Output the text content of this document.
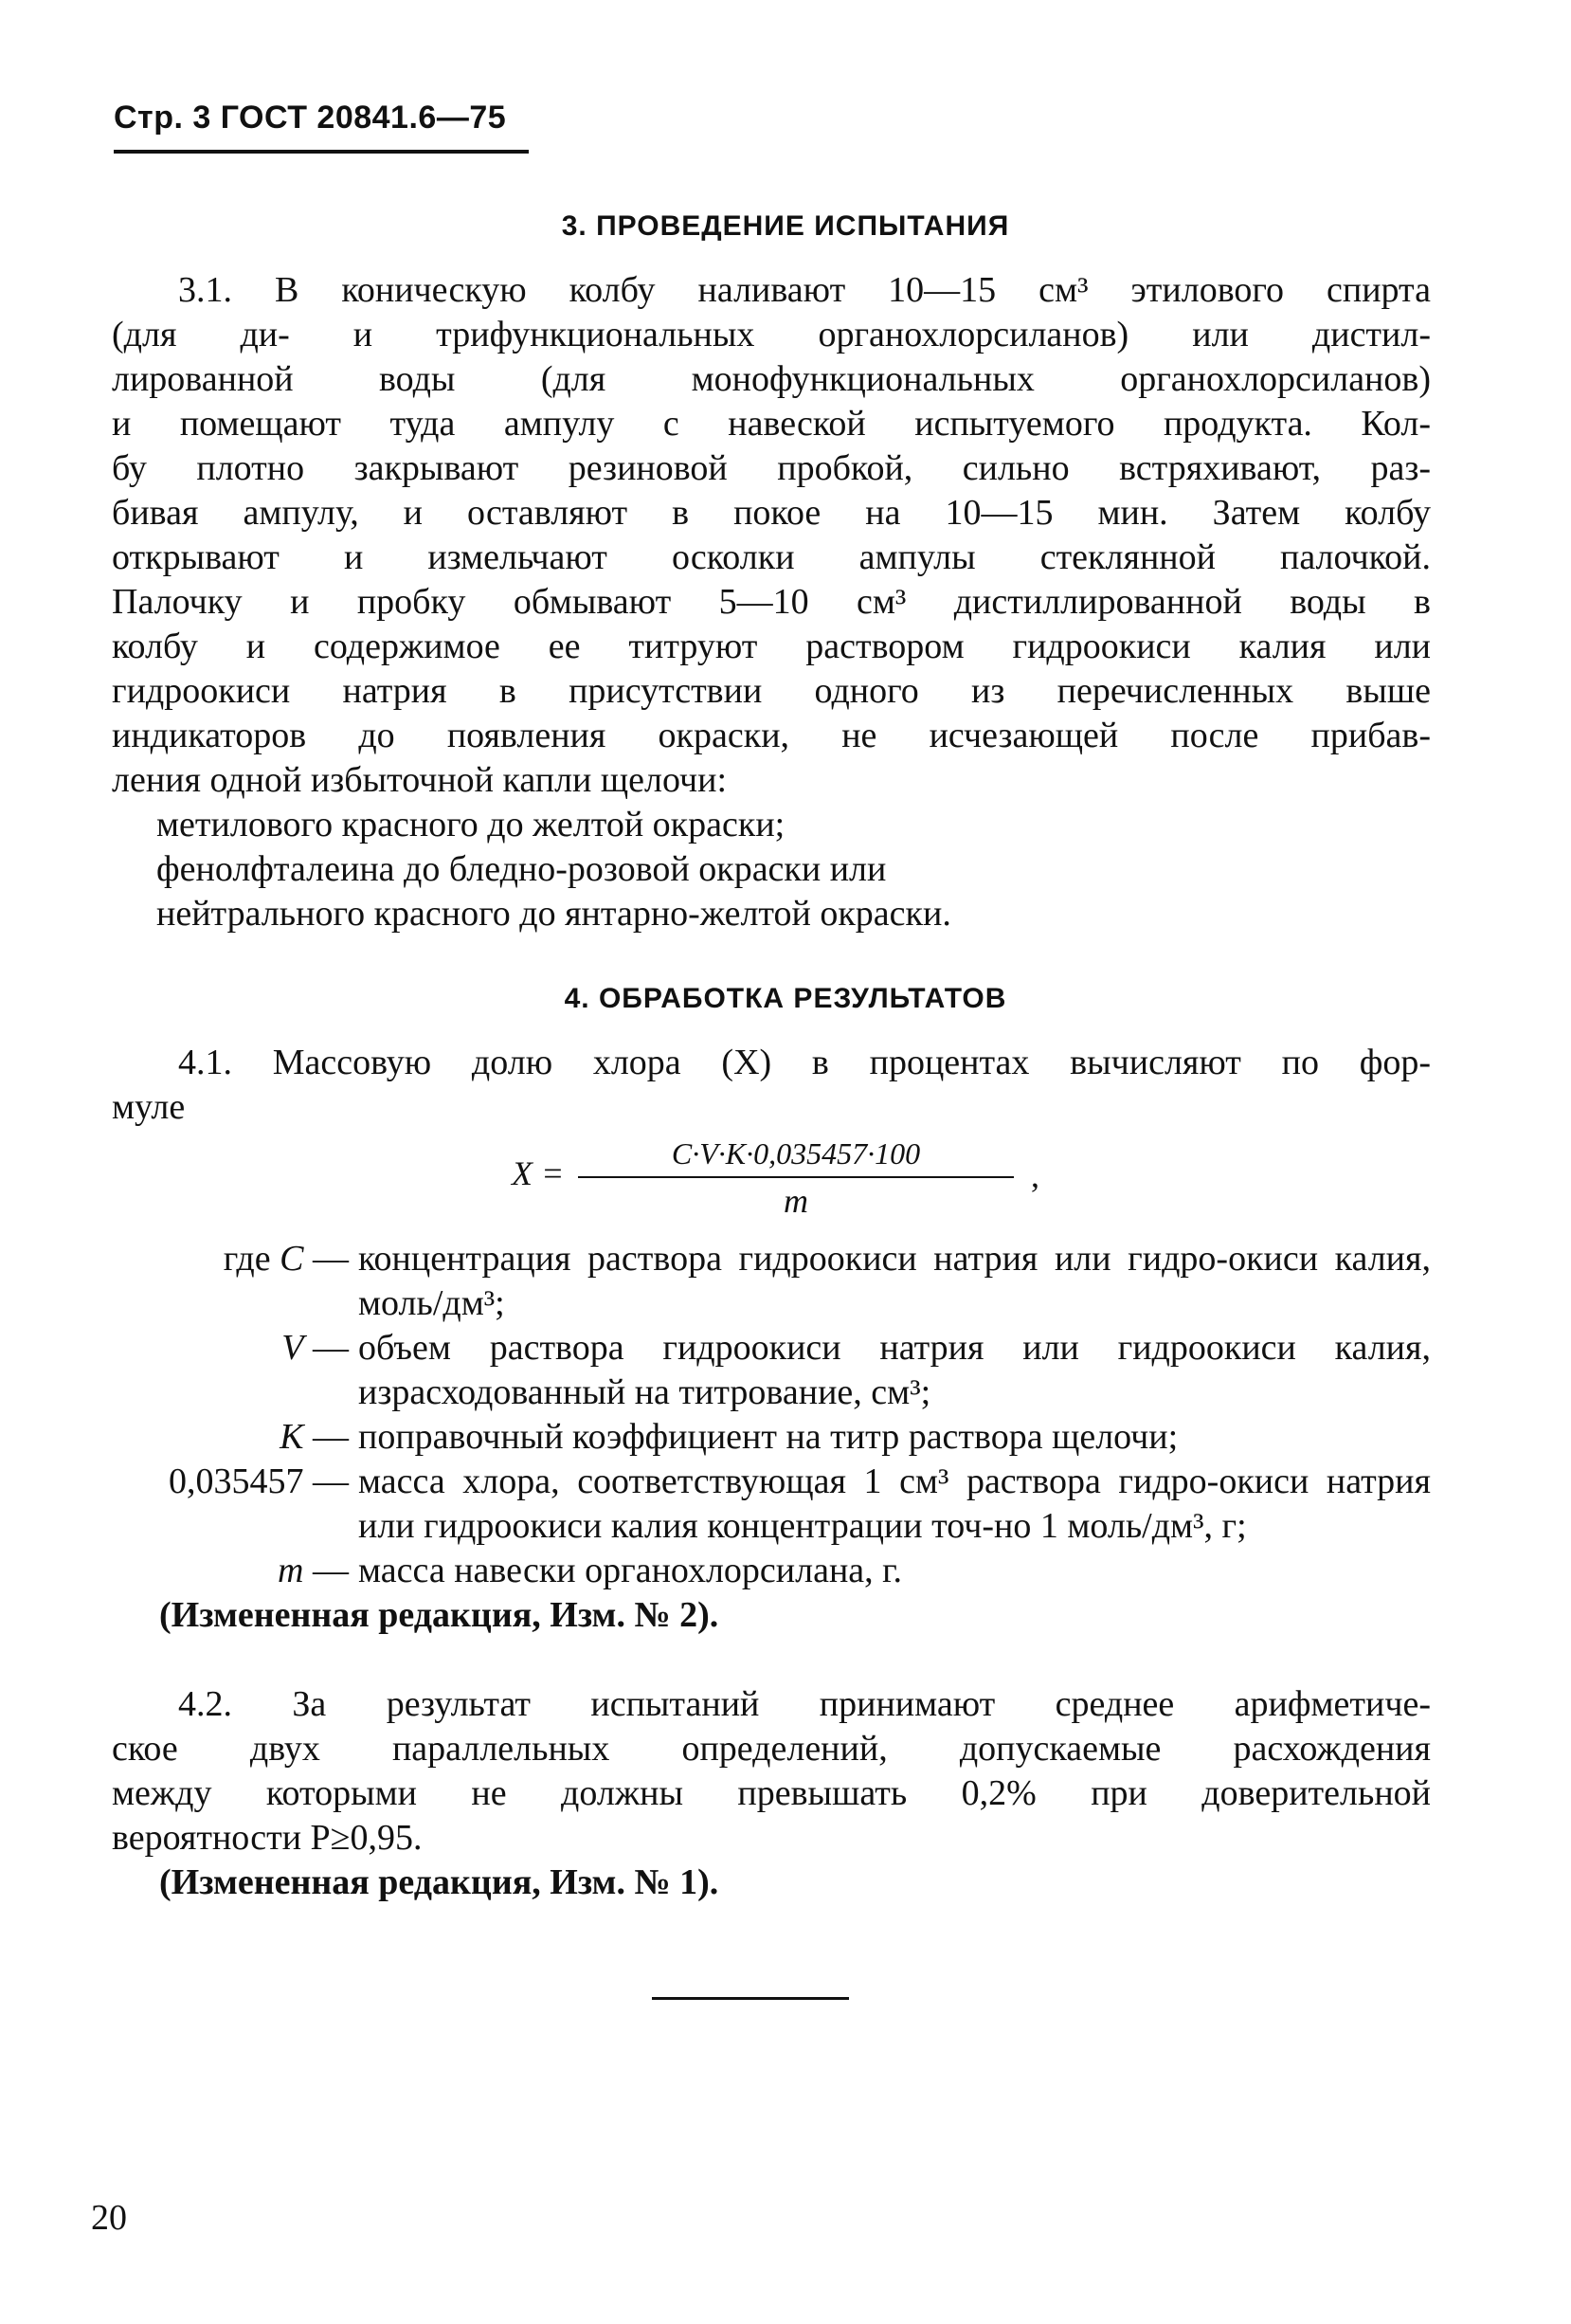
Стр. 3 ГОСТ 20841.6—75
3. ПРОВЕДЕНИЕ ИСПЫТАНИЯ
3.1. В коническую колбу наливают 10—15 см³ этилового спирта
(для ди- и трифункциональных органохлорсиланов) или дистил-
лированной воды (для монофункциональных органохлорсиланов)
и помещают туда ампулу с навеской испытуемого продукта. Кол-
бу плотно закрывают резиновой пробкой, сильно встряхивают, раз-
бивая ампулу, и оставляют в покое на 10—15 мин. Затем колбу
открывают и измельчают осколки ампулы стеклянной палочкой.
Палочку и пробку обмывают 5—10 см³ дистиллированной воды в
колбу и содержимое ее титруют раствором гидроокиси калия или
гидроокиси натрия в присутствии одного из перечисленных выше
индикаторов до появления окраски, не исчезающей после прибав-
ления одной избыточной капли щелочи:
метилового красного до желтой окраски;
фенолфталеина до бледно-розовой окраски или
нейтрального красного до янтарно-желтой окраски.
4. ОБРАБОТКА РЕЗУЛЬТАТОВ
4.1. Массовую долю хлора (X) в процентах вычисляют по фор-
муле
X =
C·V·K·0,035457·100
m
,
где C — концентрация раствора гидроокиси натрия или гидро-окиси калия, моль/дм³;
V — объем раствора гидроокиси натрия или гидроокиси калия, израсходованный на титрование, см³;
K — поправочный коэффициент на титр раствора щелочи;
0,035457 — масса хлора, соответствующая 1 см³ раствора гидро-окиси натрия или гидроокиси калия концентрации точ-но 1 моль/дм³, г;
m — масса навески органохлорсилана, г.
(Измененная редакция, Изм. № 2).
4.2. За результат испытаний принимают среднее арифметиче-
ское двух параллельных определений, допускаемые расхождения
между которыми не должны превышать 0,2% при доверительной
вероятности P≥0,95.
(Измененная редакция, Изм. № 1).
20
